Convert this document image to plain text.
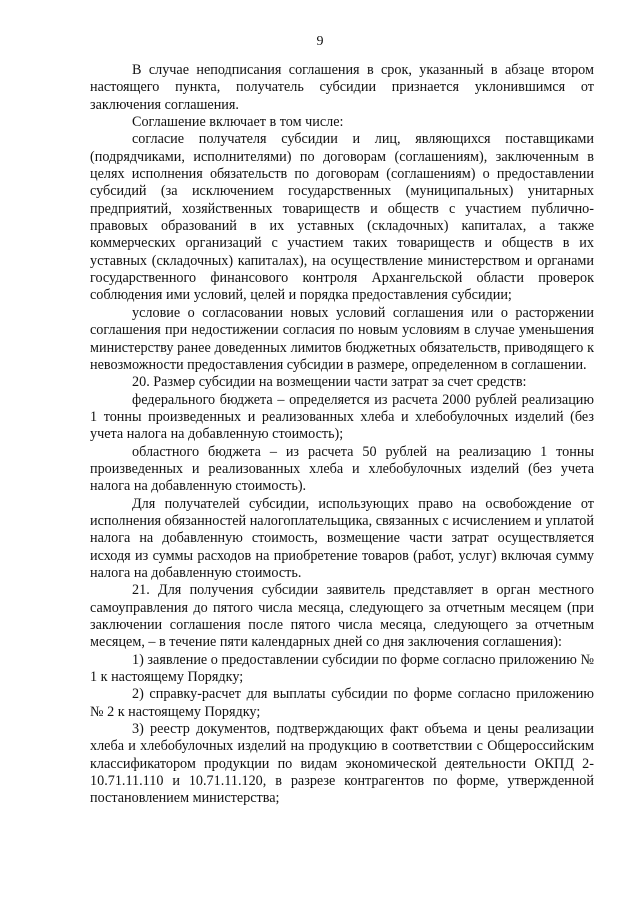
9

В случае неподписания соглашения в срок, указанный в абзаце втором настоящего пункта, получатель субсидии признается уклонившимся от заключения соглашения.

Соглашение включает в том числе:

согласие получателя субсидии и лиц, являющихся поставщиками (подрядчиками, исполнителями) по договорам (соглашениям), заключенным в целях исполнения обязательств по договорам (соглашениям) о предоставлении субсидий (за исключением государственных (муниципальных) унитарных предприятий, хозяйственных товариществ и обществ с участием публично-правовых образований в их уставных (складочных) капиталах, а также коммерческих организаций с участием таких товариществ и обществ в их уставных (складочных) капиталах), на осуществление министерством и органами государственного финансового контроля Архангельской области проверок соблюдения ими условий, целей и порядка предоставления субсидии;

условие о согласовании новых условий соглашения или о расторжении соглашения при недостижении согласия по новым условиям в случае уменьшения министерству ранее доведенных лимитов бюджетных обязательств, приводящего к невозможности предоставления субсидии в размере, определенном в соглашении.

20. Размер субсидии на возмещении части затрат за счет средств:

федерального бюджета – определяется из расчета 2000 рублей реализацию 1 тонны произведенных и реализованных хлеба и хлебобулочных изделий (без учета налога на добавленную стоимость);

областного бюджета – из расчета 50 рублей на реализацию 1 тонны произведенных и реализованных хлеба и хлебобулочных изделий (без учета налога на добавленную стоимость).

Для получателей субсидии, использующих право на освобождение от исполнения обязанностей налогоплательщика, связанных с исчислением и уплатой налога на добавленную стоимость, возмещение части затрат осуществляется исходя из суммы расходов на приобретение товаров (работ, услуг) включая сумму налога на добавленную стоимость.

21. Для получения субсидии заявитель представляет в орган местного самоуправления до пятого числа месяца, следующего за отчетным месяцем (при заключении соглашения после пятого числа месяца, следующего за отчетным месяцем, – в течение пяти календарных дней со дня заключения соглашения):

1) заявление о предоставлении субсидии по форме согласно приложению № 1 к настоящему Порядку;

2) справку-расчет для выплаты субсидии по форме согласно приложению № 2 к настоящему Порядку;

3) реестр документов, подтверждающих факт объема и цены реализации хлеба и хлебобулочных изделий на продукцию в соответствии с Общероссийским классификатором продукции по видам экономической деятельности ОКПД 2-10.71.11.110 и 10.71.11.120, в разрезе контрагентов по форме, утвержденной постановлением министерства;
